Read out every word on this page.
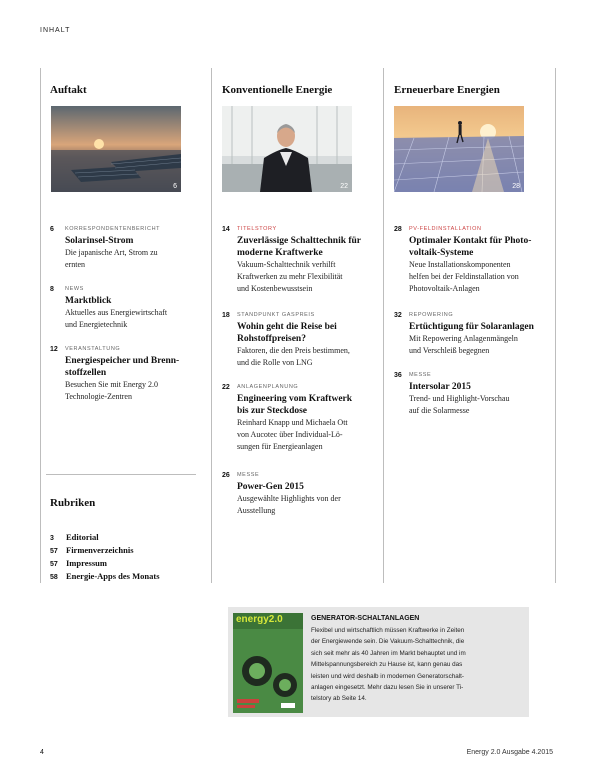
INHALT
Auftakt	Konventionelle Energie	Erneuerbare Energien
6	22	28
6 KORRESPONDENTENBERICHT
Solarinsel-Strom
Die japanische Art, Strom zu
ernten
8 NEWS
Marktblick
Aktuelles aus Energiewirtschaft
und Energietechnik
12 VERANSTALTUNG
Energiespeicher und Brenn-
stoffzellen
Besuchen Sie mit Energy 2.0
Technologie-Zentren
14 TITELSTORY
Zuverlässige Schalttechnik für
moderne Kraftwerke
Vakuum-Schalttechnik verhilft
Kraftwerken zu mehr Flexibilität
und Kostenbewusstsein
18 STANDPUNKT GASPREIS
Wohin geht die Reise bei
Rohstoffpreisen?
Faktoren, die den Preis bestimmen,
und die Rolle von LNG
22 ANLAGENPLANUNG
Engineering vom Kraftwerk
bis zur Steckdose
Reinhard Knapp und Michaela Ott
von Aucotec über Individual-Lö-
sungen für Energieanlagen
26 MESSE
Power-Gen 2015
Ausgewählte Highlights von der
Ausstellung
28 PV-FELDINSTALLATION
Optimaler Kontakt für Photo-
voltaik-Systeme
Neue Installationskomponenten
helfen bei der Feldinstallation von
Photovoltaik-Anlagen
32 REPOWERING
Ertüchtigung für Solaranlagen
Mit Repowering Anlagenmängeln
und Verschleiß begegnen
36 MESSE
Intersolar 2015
Trend- und Highlight-Vorschau
auf die Solarmesse
Rubriken
3 Editorial
57 Firmenverzeichnis
57 Impressum
58 Energie-Apps des Monats
energy2.0	GENERATOR-SCHALTANLAGEN
Flexibel und wirtschaftlich müssen Kraftwerke in Zeiten
der Energiewende sein. Die Vakuum-Schalttechnik, die
sich seit mehr als 40 Jahren im Markt behauptet und im
Mittelspannungsbereich zu Hause ist, kann genau das
leisten und wird deshalb in modernen Generatorschalt-
anlagen eingesetzt. Mehr dazu lesen Sie in unserer Ti-
telstory ab Seite 14.
4	Energy 2.0 Ausgabe 4.2015
